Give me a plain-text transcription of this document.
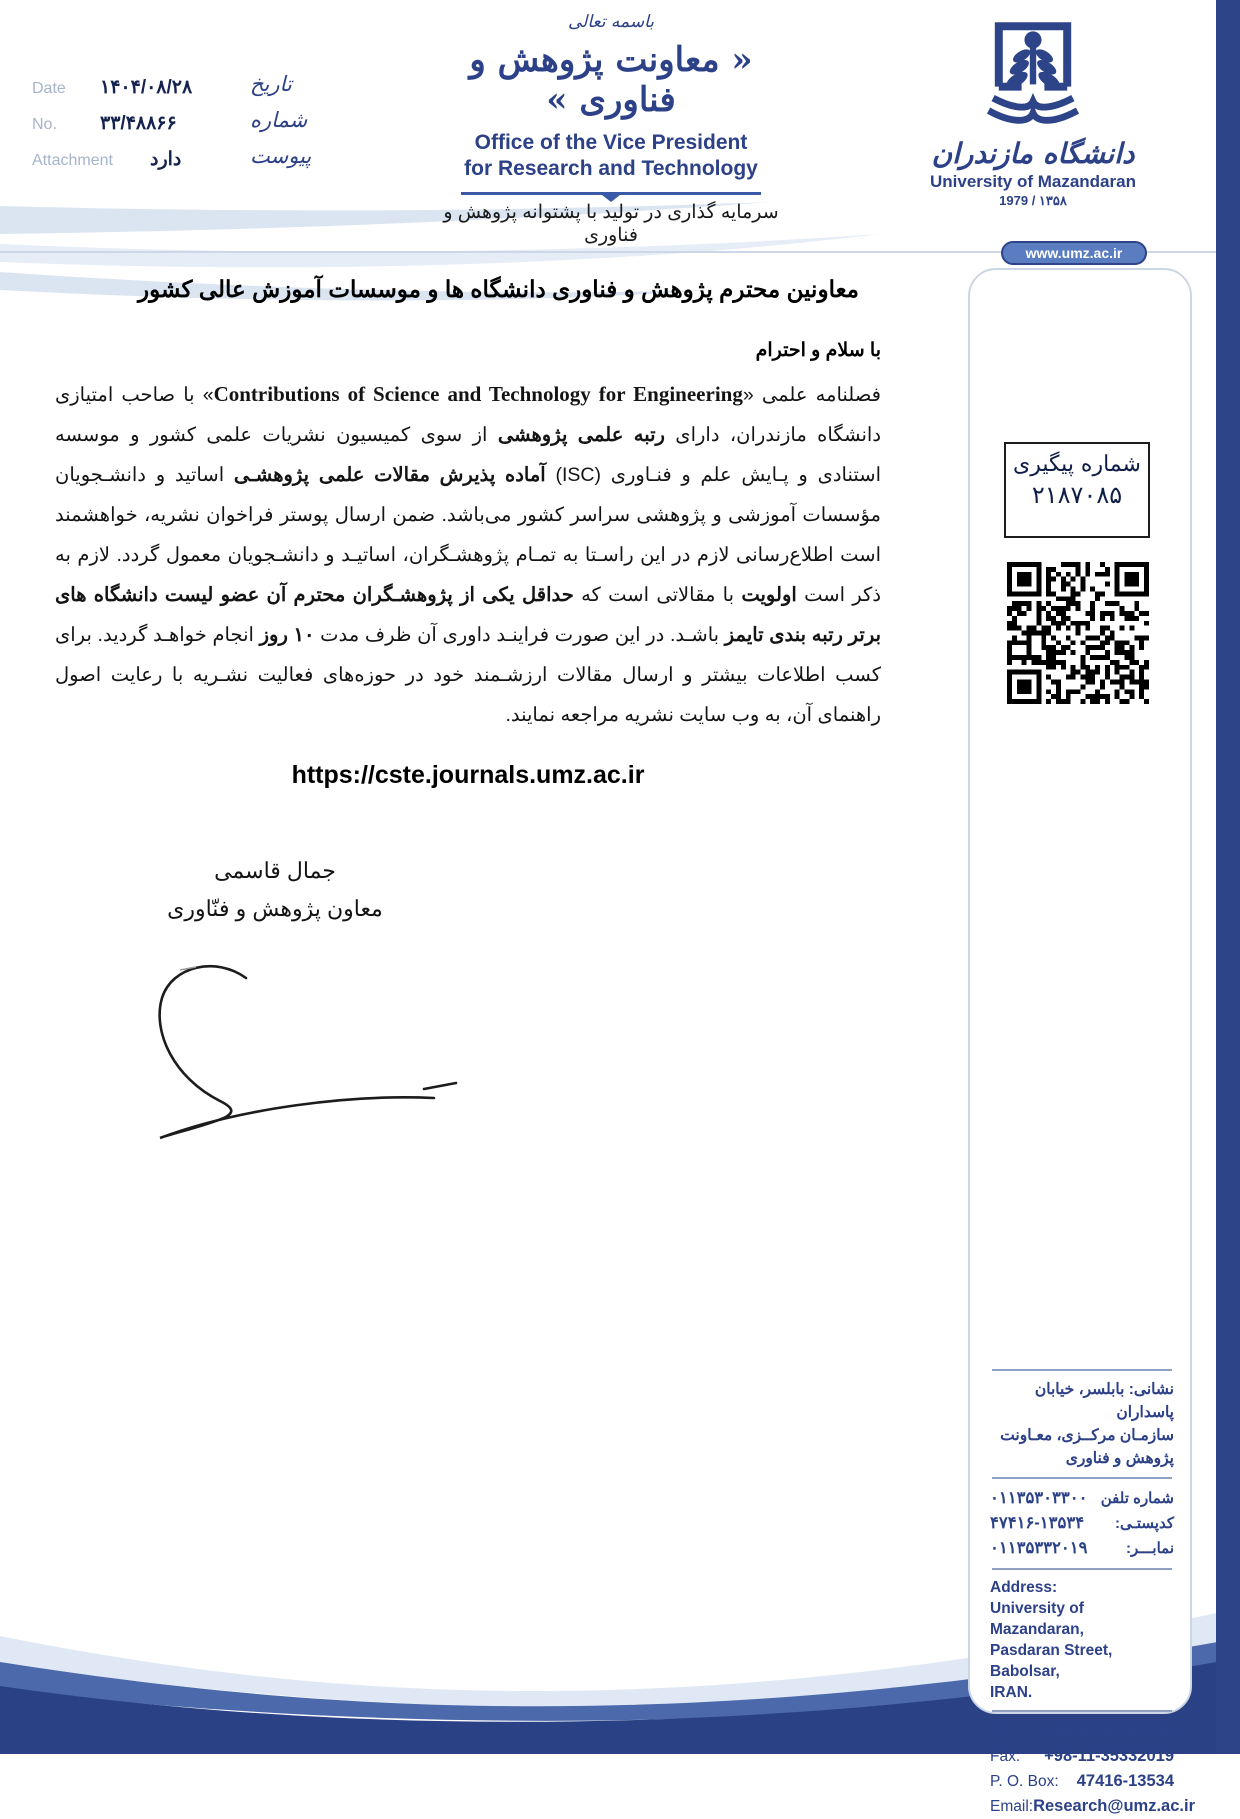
Date ۱۴۰۴/۰۸/۲۸	تاریخ
No. ۳۳/۴۸۸۶۶	شماره
Attachment دارد	پیوست
باسمه تعالی
« معاونت پژوهش و فناوری »
Office of the Vice President
for Research and Technology
سرمایه گذاری در تولید با پشتوانه پژوهش و فناوری
دانشگاه مازندران
University of Mazandaran
1979 / ۱۳۵۸
www.umz.ac.ir
شماره پیگیری
۲۱۸۷۰۸۵
نشانی: بابلسر، خیابان پاسداران
سازمـان مرکــزی، معـاونت
پژوهش و فناوری
شماره تلفن
۰۱۱۳۵۳۰۳۳۰۰
کدپستـی:
۴۷۴۱۶-۱۳۵۳۴
نمابـــر:
۰۱۱۳۵۳۳۲۰۱۹
Address:
University of Mazandaran,
Pasdaran Street, Babolsar,
IRAN.
Tel: +98-11-35303300
Fax: +98-11-35332019
P. O. Box: 47416-13534
Email: Research@umz.ac.ir
معاونین محترم پژوهش و فناوری دانشگاه ها و موسسات آموزش عالی کشور
با سلام و احترام
فصلنامه علمی «Contributions of Science and Technology for Engineering» با صاحب امتیازی دانشگاه مازندران، دارای رتبه علمی پژوهشی از سوی کمیسیون نشریات علمی کشور و موسسه استنادی و پـایش علم و فنـاوری (ISC) آماده پذیرش مقالات علمی پژوهشـی اساتید و دانشـجویان مؤسسات آموزشی و پژوهشی سراسر کشور می‌باشد. ضمن ارسال پوستر فراخوان نشریه، خواهشمند است اطلاع‌رسانی لازم در این راسـتا به تمـام پژوهشـگران، اساتیـد و دانشـجویان معمول گردد. لازم به ذکر است اولویت با مقالاتی است که حداقل یکی از پژوهشـگران محترم آن عضو لیست دانشگاه های برتر رتبه بندی تایمز باشـد. در این صورت فراینـد داوری آن ظرف مدت ۱۰ روز انجام خواهـد گردید. برای کسب اطلاعات بیشتر و ارسال مقالات ارزشـمند خود در حوزه‌های فعالیت نشـریه با رعایت اصول راهنمای آن، به وب سایت نشریه مراجعه نمایند.
https://cste.journals.umz.ac.ir
جمال قاسمی
معاون پژوهش و فنّاوری
